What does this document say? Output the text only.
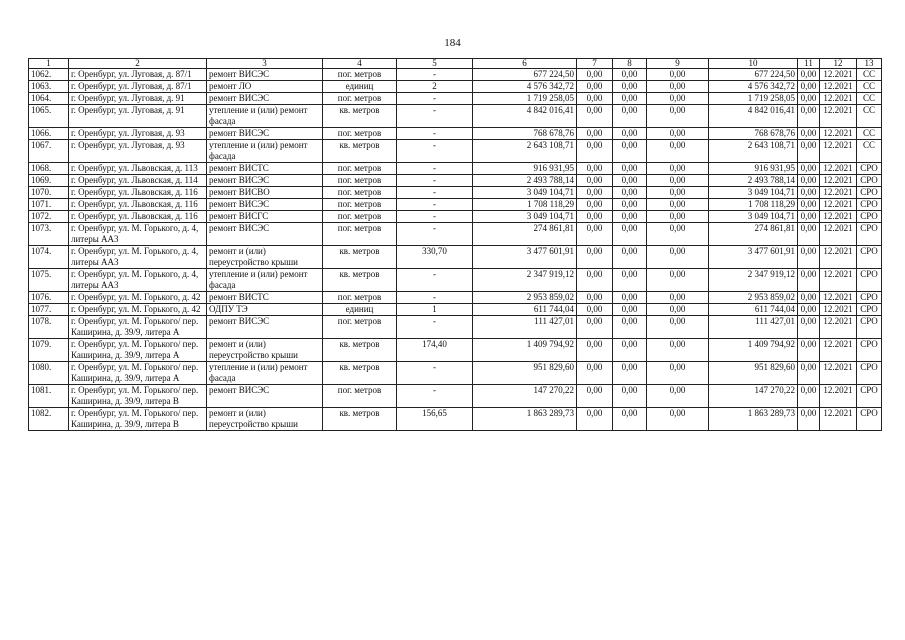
184
1	2	3	4	5	6	7	8	9	10	11	12	13
1062.	г. Оренбург, ул. Луговая, д. 87/1	ремонт ВИСЭС	пог. метров	-	677 224,50	0,00	0,00	0,00	677 224,50	0,00	12.2021	СС
1063.	г. Оренбург, ул. Луговая, д. 87/1	ремонт ЛО	единиц	2	4 576 342,72	0,00	0,00	0,00	4 576 342,72	0,00	12.2021	СС
1064.	г. Оренбург, ул. Луговая, д. 91	ремонт ВИСЭС	пог. метров	-	1 719 258,05	0,00	0,00	0,00	1 719 258,05	0,00	12.2021	СС
1065.	г. Оренбург, ул. Луговая, д. 91	утепление и (или) ремонт фасада	кв. метров	-	4 842 016,41	0,00	0,00	0,00	4 842 016,41	0,00	12.2021	СС
1066.	г. Оренбург, ул. Луговая, д. 93	ремонт ВИСЭС	пог. метров	-	768 678,76	0,00	0,00	0,00	768 678,76	0,00	12.2021	СС
1067.	г. Оренбург, ул. Луговая, д. 93	утепление и (или) ремонт фасада	кв. метров	-	2 643 108,71	0,00	0,00	0,00	2 643 108,71	0,00	12.2021	СС
1068.	г. Оренбург, ул. Львовская, д. 113	ремонт ВИСТС	пог. метров	-	916 931,95	0,00	0,00	0,00	916 931,95	0,00	12.2021	СРО
1069.	г. Оренбург, ул. Львовская, д. 114	ремонт ВИСЭС	пог. метров	-	2 493 788,14	0,00	0,00	0,00	2 493 788,14	0,00	12.2021	СРО
1070.	г. Оренбург, ул. Львовская, д. 116	ремонт ВИСВО	пог. метров	-	3 049 104,71	0,00	0,00	0,00	3 049 104,71	0,00	12.2021	СРО
1071.	г. Оренбург, ул. Львовская, д. 116	ремонт ВИСЭС	пог. метров	-	1 708 118,29	0,00	0,00	0,00	1 708 118,29	0,00	12.2021	СРО
1072.	г. Оренбург, ул. Львовская, д. 116	ремонт ВИСГС	пог. метров	-	3 049 104,71	0,00	0,00	0,00	3 049 104,71	0,00	12.2021	СРО
1073.	г. Оренбург, ул. М. Горького, д. 4, литеры АА3	ремонт ВИСЭС	пог. метров	-	274 861,81	0,00	0,00	0,00	274 861,81	0,00	12.2021	СРО
1074.	г. Оренбург, ул. М. Горького, д. 4, литеры АА3	ремонт и (или) переустройство крыши	кв. метров	330,70	3 477 601,91	0,00	0,00	0,00	3 477 601,91	0,00	12.2021	СРО
1075.	г. Оренбург, ул. М. Горького, д. 4, литеры АА3	утепление и (или) ремонт фасада	кв. метров	-	2 347 919,12	0,00	0,00	0,00	2 347 919,12	0,00	12.2021	СРО
1076.	г. Оренбург, ул. М. Горького, д. 42	ремонт ВИСТС	пог. метров	-	2 953 859,02	0,00	0,00	0,00	2 953 859,02	0,00	12.2021	СРО
1077.	г. Оренбург, ул. М. Горького, д. 42	ОДПУ ТЭ	единиц	1	611 744,04	0,00	0,00	0,00	611 744,04	0,00	12.2021	СРО
1078.	г. Оренбург, ул. М. Горького/ пер. Каширина, д. 39/9, литера А	ремонт ВИСЭС	пог. метров	-	111 427,01	0,00	0,00	0,00	111 427,01	0,00	12.2021	СРО
1079.	г. Оренбург, ул. М. Горького/ пер. Каширина, д. 39/9, литера А	ремонт и (или) переустройство крыши	кв. метров	174,40	1 409 794,92	0,00	0,00	0,00	1 409 794,92	0,00	12.2021	СРО
1080.	г. Оренбург, ул. М. Горького/ пер. Каширина, д. 39/9, литера А	утепление и (или) ремонт фасада	кв. метров	-	951 829,60	0,00	0,00	0,00	951 829,60	0,00	12.2021	СРО
1081.	г. Оренбург, ул. М. Горького/ пер. Каширина, д. 39/9, литера В	ремонт ВИСЭС	пог. метров	-	147 270,22	0,00	0,00	0,00	147 270,22	0,00	12.2021	СРО
1082.	г. Оренбург, ул. М. Горького/ пер. Каширина, д. 39/9, литера В	ремонт и (или) переустройство крыши	кв. метров	156,65	1 863 289,73	0,00	0,00	0,00	1 863 289,73	0,00	12.2021	СРО
